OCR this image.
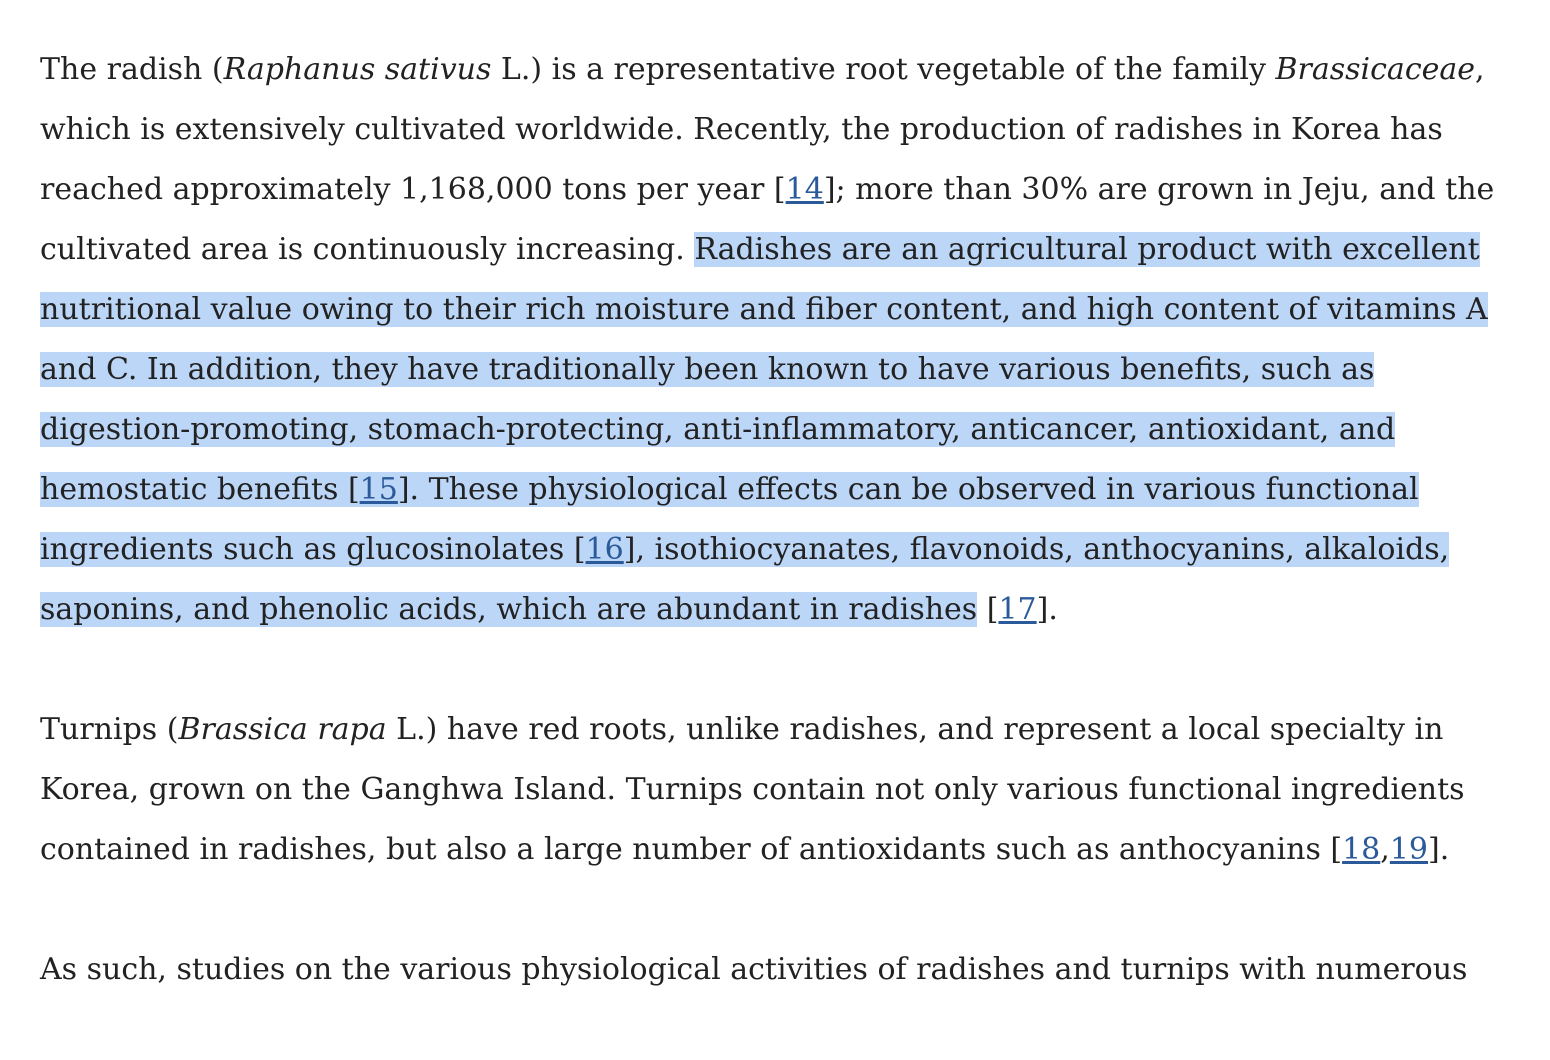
The radish (Raphanus sativus L.) is a representative root vegetable of the family Brassicaceae, which is extensively cultivated worldwide. Recently, the production of radishes in Korea has reached approximately 1,168,000 tons per year [14]; more than 30% are grown in Jeju, and the cultivated area is continuously increasing. Radishes are an agricultural product with excellent nutritional value owing to their rich moisture and fiber content, and high content of vitamins A and C. In addition, they have traditionally been known to have various benefits, such as digestion-promoting, stomach-protecting, anti-inflammatory, anticancer, antioxidant, and hemostatic benefits [15]. These physiological effects can be observed in various functional ingredients such as glucosinolates [16], isothiocyanates, flavonoids, anthocyanins, alkaloids, saponins, and phenolic acids, which are abundant in radishes [17].

Turnips (Brassica rapa L.) have red roots, unlike radishes, and represent a local specialty in Korea, grown on the Ganghwa Island. Turnips contain not only various functional ingredients contained in radishes, but also a large number of antioxidants such as anthocyanins [18,19].

As such, studies on the various physiological activities of radishes and turnips with numerous
